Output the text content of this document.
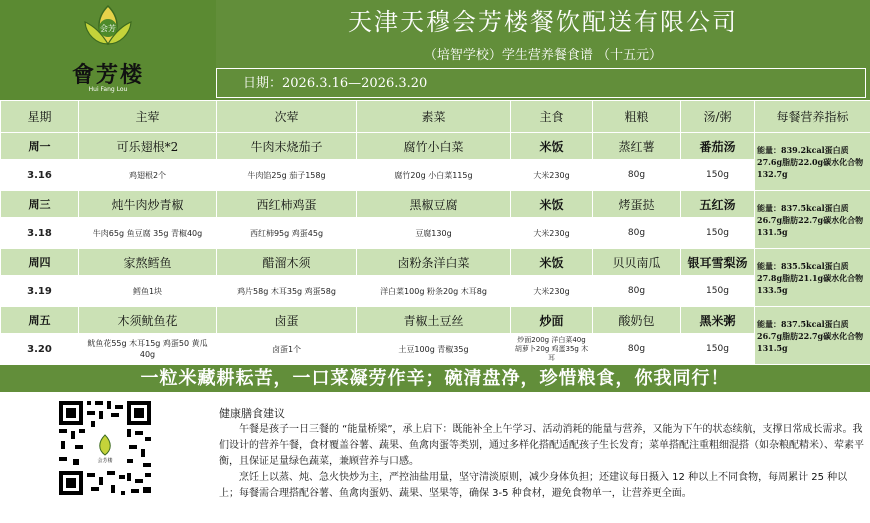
会芳
會芳楼
Hui Fang Lou
天津天穆会芳楼餐饮配送有限公司
（培智学校）学生营养餐食谱 （十五元）
日期：2026.3.16—2026.3.20
星期	主荤	次荤	素菜	主食	粗粮	汤/粥	每餐营养指标
周一	可乐翅根*2	牛肉末烧茄子	腐竹小白菜	米饭	蒸红薯	番茄汤	能量：839.2kcal蛋白质27.6g脂肪22.0g碳水化合物132.7g
3.16	鸡翅根2个	牛肉馅25g 茄子158g	腐竹20g 小白菜115g	大米230g	80g	150g	
周三	炖牛肉炒青椒	西红柿鸡蛋	黑椒豆腐	米饭	烤蛋挞	五红汤	能量：837.5kcal蛋白质26.7g脂肪22.7g碳水化合物131.5g
3.18	牛肉65g 鱼豆腐 35g 青椒40g	西红柿95g 鸡蛋45g	豆腐130g	大米230g	80g	150g	
周四	家熬鳕鱼	醋溜木须	卤粉条洋白菜	米饭	贝贝南瓜	银耳雪梨汤	能量：835.5kcal蛋白质27.8g脂肪21.1g碳水化合物133.5g
3.19	鳕鱼1块	鸡片58g 木耳35g 鸡蛋58g	洋白菜100g 粉条20g 木耳8g	大米230g	80g	150g	
周五	木须鱿鱼花	卤蛋	青椒土豆丝	炒面	酸奶包	黑米粥	能量：837.5kcal蛋白质26.7g脂肪22.7g碳水化合物131.5g
3.20	鱿鱼花55g 木耳15g 鸡蛋50 黄瓜 40g	卤蛋1个	土豆100g 青椒35g	炒面200g 洋白菜40g 胡萝卜20g 鸡蛋35g 木耳	80g	150g	
一粒米藏耕耘苦，一口菜凝劳作辛；碗清盘净，珍惜粮食，你我同行！
会芳楼
健康膳食建议

午餐是孩子一日三餐的 “能量桥梁”，承上启下：既能补全上午学习、活动消耗的能量与营养，又能为下午的状态续航，支撑日常成长需求。我们设计的营养午餐，食材覆盖谷薯、蔬果、鱼禽肉蛋等类别，通过多样化搭配适配孩子生长发育；菜单搭配注重粗细混搭（如杂粮配精米）、荤素平衡，且保证足量绿色蔬菜，兼顾营养与口感。

烹饪上以蒸、炖、急火快炒为主，严控油盐用量，坚守清淡原则，减少身体负担；还建议每日摄入 12 种以上不同食物，每周累计 25 种以上；每餐需合理搭配谷薯、鱼禽肉蛋奶、蔬果、坚果等，确保 3-5 种食材，避免食物单一，让营养更全面。
